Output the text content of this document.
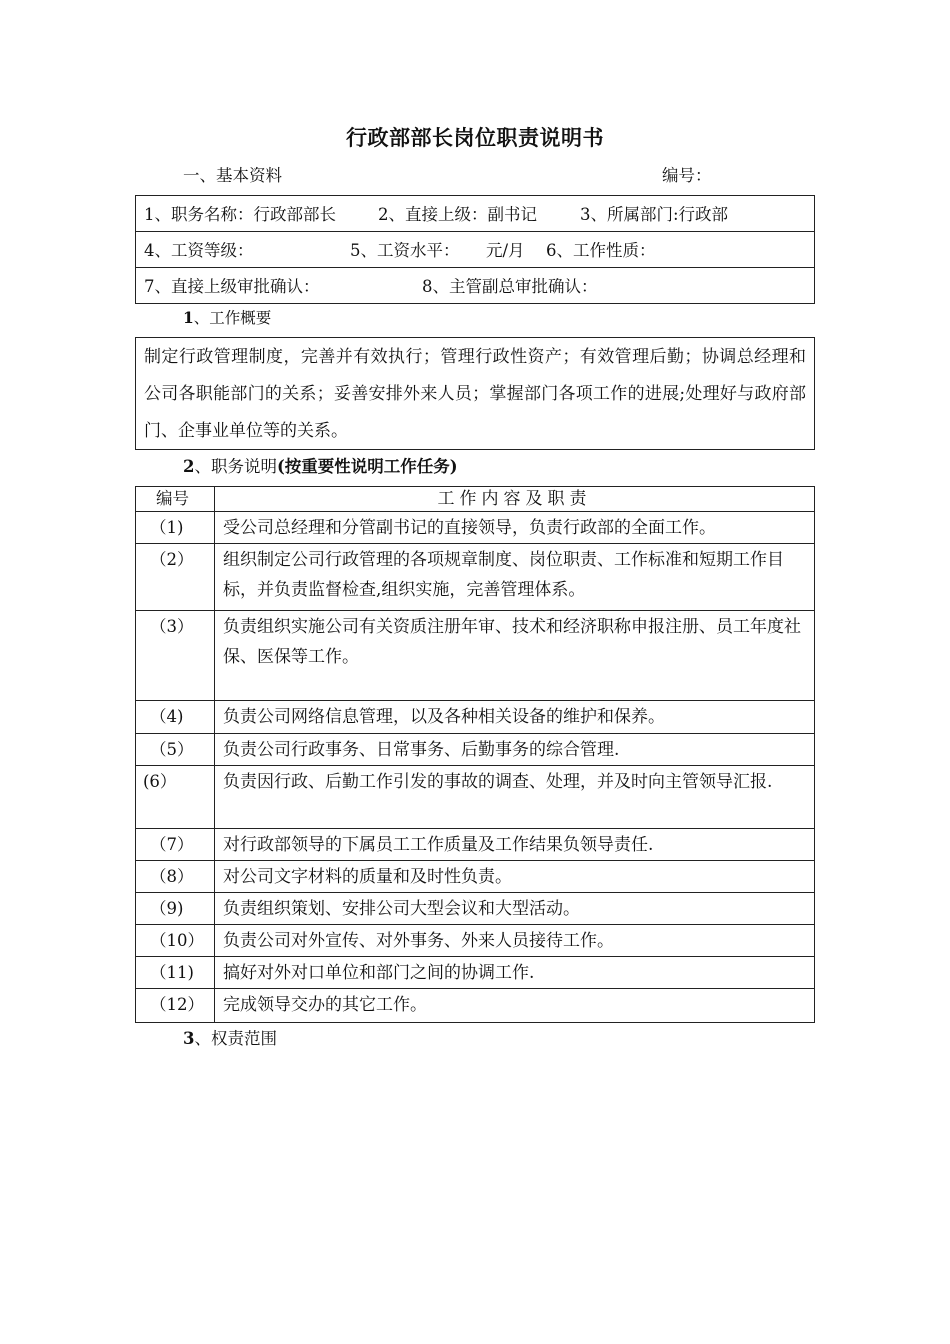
行政部部长岗位职责说明书
一、基本资料	编号：
1、职务名称：行政部部长	2、直接上级：副书记	3、所属部门:行政部
4、工资等级：	5、工资水平： 元/月 6、工作性质：
7、直接上级审批确认：	8、主管副总审批确认：
1、工作概要
制定行政管理制度，完善并有效执行；管理行政性资产；有效管理后勤；协调总经理和公司各职能部门的关系；妥善安排外来人员；掌握部门各项工作的进展;处理好与政府部门、企事业单位等的关系。
2、职务说明(按重要性说明工作任务)
编号	工作内容及职责
（1)	受公司总经理和分管副书记的直接领导，负责行政部的全面工作。
（2）	组织制定公司行政管理的各项规章制度、岗位职责、工作标准和短期工作目标，并负责监督检查,组织实施，完善管理体系。
（3）	负责组织实施公司有关资质注册年审、技术和经济职称申报注册、员工年度社保、医保等工作。
（4)	负责公司网络信息管理，以及各种相关设备的维护和保养。
（5）	负责公司行政事务、日常事务、后勤事务的综合管理.
(6）	负责因行政、后勤工作引发的事故的调查、处理，并及时向主管领导汇报.
（7）	对行政部领导的下属员工工作质量及工作结果负领导责任.
（8）	对公司文字材料的质量和及时性负责。
（9)	负责组织策划、安排公司大型会议和大型活动。
（10）	负责公司对外宣传、对外事务、外来人员接待工作。
（11)	搞好对外对口单位和部门之间的协调工作.
（12）	完成领导交办的其它工作。
3、权责范围
